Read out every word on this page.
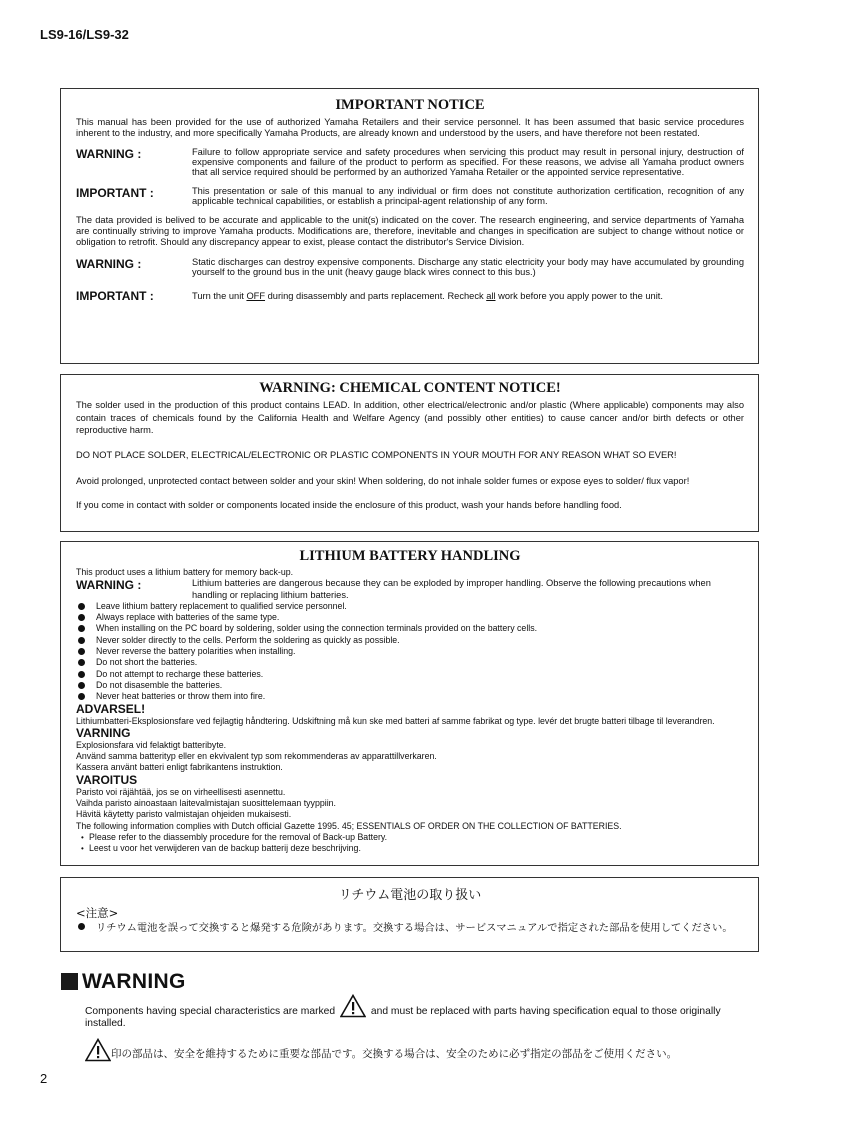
LS9-16/LS9-32
IMPORTANT NOTICE
This manual has been provided for the use of authorized Yamaha Retailers and their service personnel. It has been assumed that basic service procedures inherent to the industry, and more specifically Yamaha Products, are already known and understood by the users, and have therefore not been restated.
WARNING :	Failure to follow appropriate service and safety procedures when servicing this product may result in personal injury, destruction of expensive components and failure of the product to perform as specified. For these reasons, we advise all Yamaha product owners that all service required should be performed by an authorized Yamaha Retailer or the appointed service representative.
IMPORTANT :	This presentation or sale of this manual to any individual or firm does not constitute authorization certification, recognition of any applicable technical capabilities, or establish a principal-agent relationship of any form.
The data provided is belived to be accurate and applicable to the unit(s) indicated on the cover. The research engineering, and service departments of Yamaha are continually striving to improve Yamaha products. Modifications are, therefore, inevitable and changes in specification are subject to change without notice or obligation to retrofit. Should any discrepancy appear to exist, please contact the distributor's Service Division.
WARNING :	Static discharges can destroy expensive components. Discharge any static electricity your body may have accumulated by grounding yourself to the ground bus in the unit (heavy gauge black wires connect to this bus.)
IMPORTANT :	Turn the unit OFF during disassembly and parts replacement. Recheck all work before you apply power to the unit.
WARNING: CHEMICAL CONTENT NOTICE!
The solder used in the production of this product contains LEAD. In addition, other electrical/electronic and/or plastic (Where applicable) components may also contain traces of chemicals found by the California Health and Welfare Agency (and possibly other entities) to cause cancer and/or birth defects or other reproductive harm.
DO NOT PLACE SOLDER, ELECTRICAL/ELECTRONIC OR PLASTIC COMPONENTS IN YOUR MOUTH FOR ANY REASON WHAT SO EVER!
Avoid prolonged, unprotected contact between solder and your skin! When soldering, do not inhale solder fumes or expose eyes to solder/ flux vapor!
If you come in contact with solder or components located inside the enclosure of this product, wash your hands before handling food.
LITHIUM BATTERY HANDLING
This product uses a lithium battery for memory back-up.
WARNING :	Lithium batteries are dangerous because they can be exploded by improper handling. Observe the following precautions when handling or replacing lithium batteries.
Leave lithium battery replacement to qualified service personnel.
Always replace with batteries of the same type.
When installing on the PC board by soldering, solder using the connection terminals provided on the battery cells.
Never solder directly to the cells. Perform the soldering as quickly as possible.
Never reverse the battery polarities when installing.
Do not short the batteries.
Do not attempt to recharge these batteries.
Do not disasemble the batteries.
Never heat batteries or throw them into fire.
ADVARSEL!
Lithiumbatteri-Eksplosionsfare ved fejlagtig håndtering. Udskiftning må kun ske med batteri af samme fabrikat og type. levér det brugte batteri tilbage til leverandren.
VARNING
Explosionsfara vid felaktigt batteribyte.
Använd samma batterityp eller en ekvivalent typ som rekommenderas av apparattillverkaren.
Kassera använt batteri enligt fabrikantens instruktion.
VAROITUS
Paristo voi räjähtää, jos se on virheellisesti asennettu.
Vaihda paristo ainoastaan laitevalmistajan suosittelemaan tyyppiin.
Hävitä käytetty paristo valmistajan ohjeiden mukaisesti.
The following information complies with Dutch official Gazette 1995. 45; ESSENTIALS OF ORDER ON THE COLLECTION OF BATTERIES.
• Please refer to the diassembly procedure for the removal of Back-up Battery.
• Leest u voor het verwijderen van de backup batterij deze beschrijving.
リチウム電池の取り扱い
<注意>
リチウム電池を誤って交換すると爆発する危険があります。交換する場合は、サービスマニュアルで指定された部品を使用してください。
WARNING
Components having special characteristics are marked	and must be replaced with parts having specification equal to those originally installed.
印の部品は、安全を維持するために重要な部品です。交換する場合は、安全のために必ず指定の部品をご使用ください。
2
